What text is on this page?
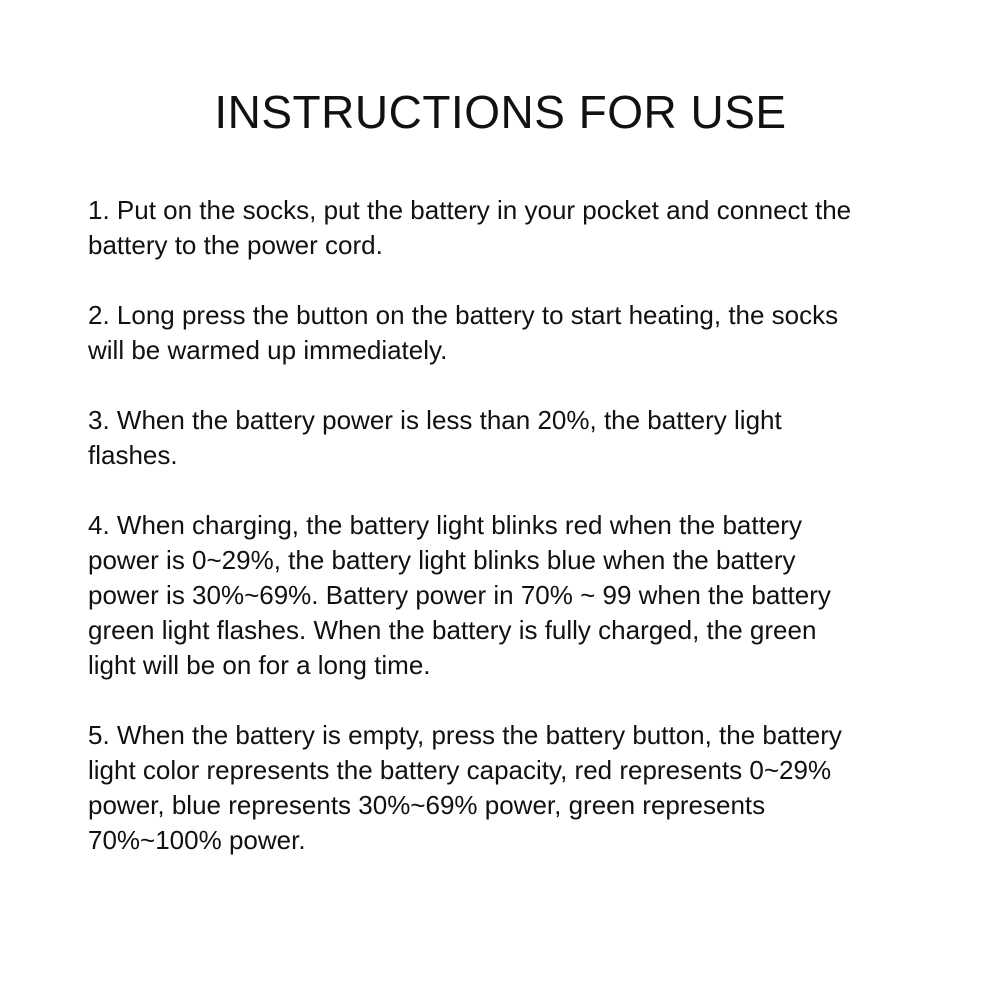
INSTRUCTIONS FOR USE
1. Put on the socks, put the battery in your pocket and connect the
battery to the power cord.
2. Long press the button on the battery to start heating, the socks
will be warmed up immediately.
3. When the battery power is less than 20%, the battery light
flashes.
4. When charging, the battery light blinks red when the battery
power is 0~29%, the battery light blinks blue when the battery
power is 30%~69%. Battery power in 70% ~ 99 when the battery
green light flashes. When the battery is fully charged, the green
light will be on for a long time.
5. When the battery is empty, press the battery button, the battery
light color represents the battery capacity, red represents 0~29%
power, blue represents 30%~69% power, green represents
70%~100% power.
